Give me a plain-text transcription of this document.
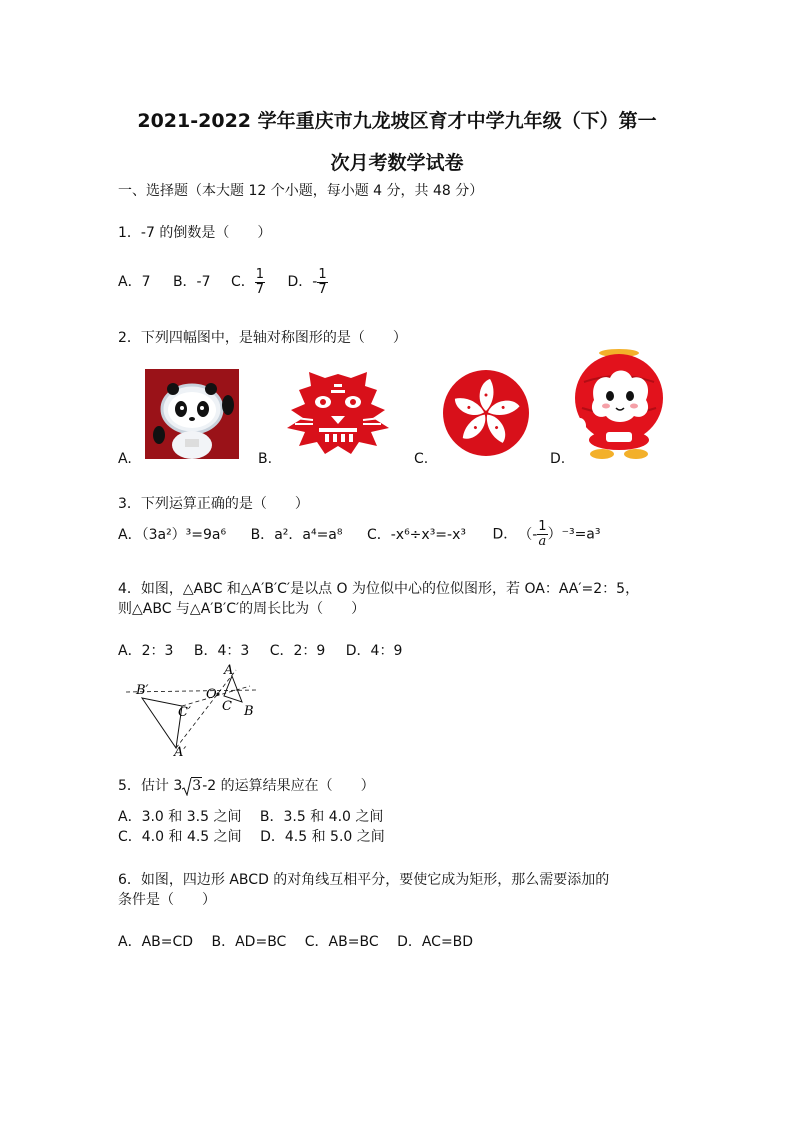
2021-2022 学年重庆市九龙坡区育才中学九年级（下）第一
次月考数学试卷
一、选择题（本大题 12 个小题，每小题 4 分，共 48 分）
1．-7 的倒数是（　　）
A．7 B．-7 C． $\frac{1}{7}$ D．- $\frac{1}{7}$
2．下列四幅图中，是轴对称图形的是（　　）
A.	B.	C.	D.
3．下列运算正确的是（　　）
A．（3a²）³=9a⁶ B．a²．a⁴=a⁸ C．-x⁶÷x³=-x³ D． （- $\frac{1}{a} )^{-3}=a^3$
4．如图，△ABC 和△A′B′C′是以点 O 为位似中心的位似图形，若 OA：AA′=2：5，
则△ABC 与△A′B′C′的周长比为（　　）
A．2：3 B．4：3 C．2：9 D．4：9
A
B
C
O
A′
B′
C′
5．估计 3 3-2 的运算结果应在（　　）
A．3.0 和 3.5 之间 B．3.5 和 4.0 之间
C．4.0 和 4.5 之间 D．4.5 和 5.0 之间
6．如图，四边形 ABCD 的对角线互相平分，要使它成为矩形，那么需要添加的
条件是（　　）
A．AB=CD B．AD=BC C．AB=BC D．AC=BD
